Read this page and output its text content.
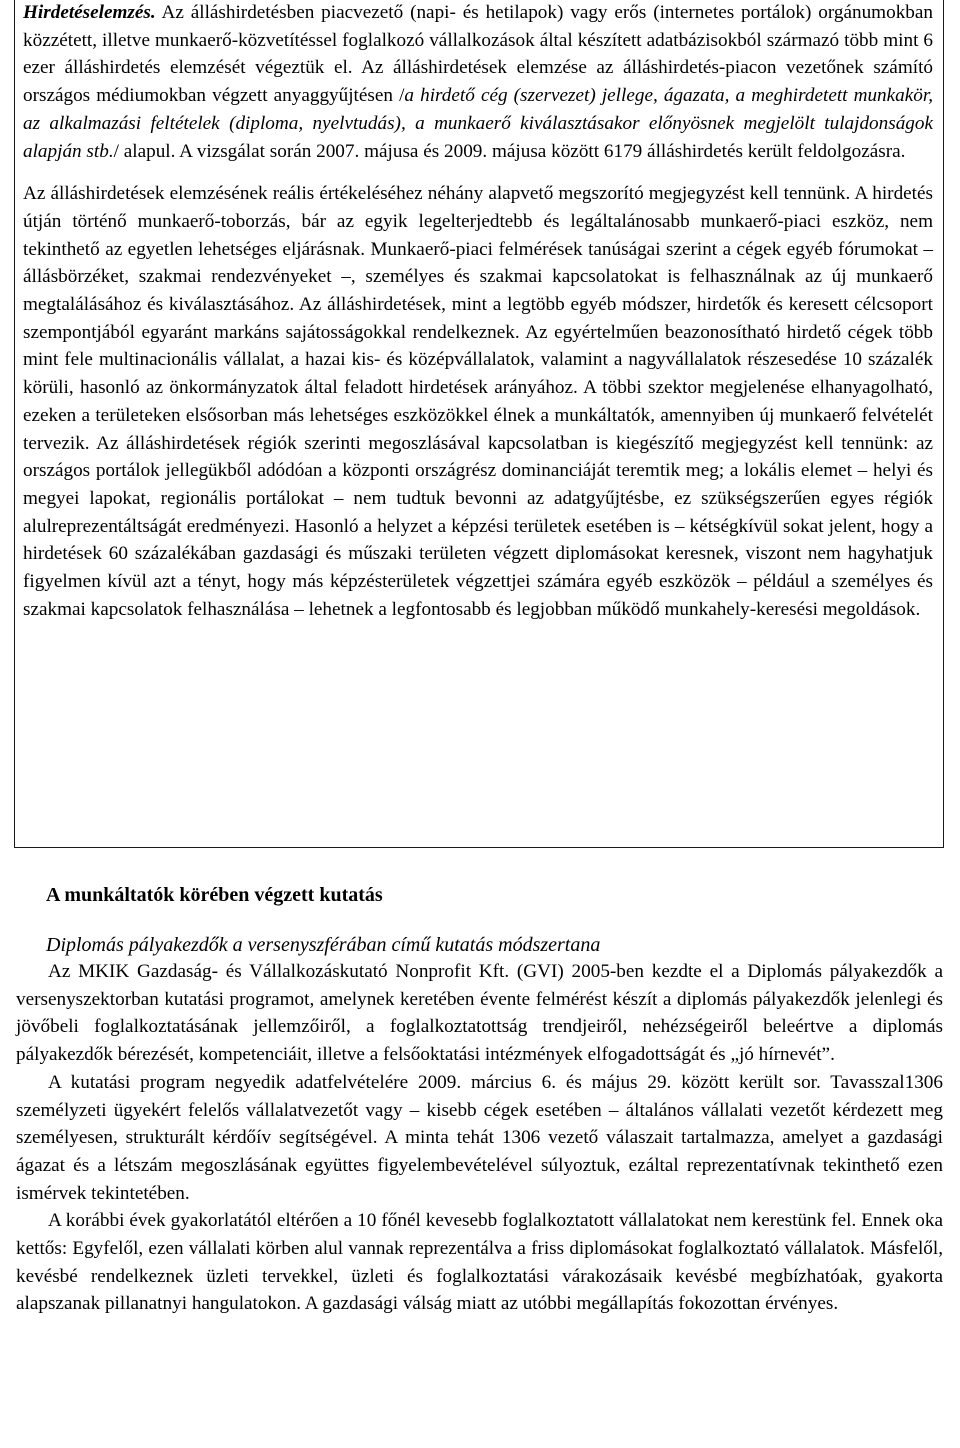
Hirdetéselemzés. Az álláshirdetésben piacvezető (napi- és hetilapok) vagy erős (internetes portálok) orgánumokban közzétett, illetve munkaerő-közvetítéssel foglalkozó vállalkozások által készített adatbázisokból származó több mint 6 ezer álláshirdetés elemzését végeztük el. Az álláshirdetések elemzése az álláshirdetés-piacon vezetőnek számító országos médiumokban végzett anyaggyűjtésen /a hirdető cég (szervezet) jellege, ágazata, a meghirdetett munkakör, az alkalmazási feltételek (diploma, nyelvtudás), a munkaerő kiválasztásakor előnyösnek megjelölt tulajdonságok alapján stb./ alapul. A vizsgálat során 2007. májusa és 2009. májusa között 6179 álláshirdetés került feldolgozásra.

Az álláshirdetések elemzésének reális értékeléséhez néhány alapvető megszorító megjegyzést kell tennünk. A hirdetés útján történő munkaerő-toborzás, bár az egyik legelterjedtebb és legáltalánosabb munkaerő-piaci eszköz, nem tekinthető az egyetlen lehetséges eljárásnak. Munkaerő-piaci felmérések tanúságai szerint a cégek egyéb fórumokat – állásbörzéket, szakmai rendezvényeket –, személyes és szakmai kapcsolatokat is felhasználnak az új munkaerő megtalálásához és kiválasztásához. Az álláshirdetések, mint a legtöbb egyéb módszer, hirdetők és keresett célcsoport szempontjából egyaránt markáns sajátosságokkal rendelkeznek. Az egyértelműen beazonosítható hirdető cégek több mint fele multinacionális vállalat, a hazai kis- és középvállalatok, valamint a nagyvállalatok részesedése 10 százalék körüli, hasonló az önkormányzatok által feladott hirdetések arányához. A többi szektor megjelenése elhanyagolható, ezeken a területeken elsősorban más lehetséges eszközökkel élnek a munkáltatók, amennyiben új munkaerő felvételét tervezik. Az álláshirdetések régiók szerinti megoszlásával kapcsolatban is kiegészítő megjegyzést kell tennünk: az országos portálok jellegükből adódóan a központi országrész dominanciáját teremtik meg; a lokális elemet – helyi és megyei lapokat, regionális portálokat – nem tudtuk bevonni az adatgyűjtésbe, ez szükségszerűen egyes régiók alulreprezentáltságát eredményezi. Hasonló a helyzet a képzési területek esetében is – kétségkívül sokat jelent, hogy a hirdetések 60 százalékában gazdasági és műszaki területen végzett diplomásokat keresnek, viszont nem hagyhatjuk figyelmen kívül azt a tényt, hogy más képzésterületek végzettjei számára egyéb eszközök – például a személyes és szakmai kapcsolatok felhasználása – lehetnek a legfontosabb és legjobban működő munkahely-keresési megoldások.

A munkáltatók körében végzett kutatás
Diplomás pályakezdők a versenyszférában című kutatás módszertana

Az MKIK Gazdaság- és Vállalkozáskutató Nonprofit Kft. (GVI) 2005-ben kezdte el a Diplomás pályakezdők a versenyszektorban kutatási programot, amelynek keretében évente felmérést készít a diplomás pályakezdők jelenlegi és jövőbeli foglalkoztatásának jellemzőiről, a foglalkoztatottság trendjeiről, nehézségeiről beleértve a diplomás pályakezdők bérezését, kompetenciáit, illetve a felsőoktatási intézmények elfogadottságát és „jó hírnevét”.

A kutatási program negyedik adatfelvételére 2009. március 6. és május 29. között került sor. Tavasszal1306 személyzeti ügyekért felelős vállalatvezetőt vagy – kisebb cégek esetében – általános vállalati vezetőt kérdezett meg személyesen, strukturált kérdőív segítségével. A minta tehát 1306 vezető válaszait tartalmazza, amelyet a gazdasági ágazat és a létszám megoszlásának együttes figyelembevételével súlyoztuk, ezáltal reprezentatívnak tekinthető ezen ismérvek tekintetében.

A korábbi évek gyakorlatától eltérően a 10 főnél kevesebb foglalkoztatott vállalatokat nem kerestünk fel. Ennek oka kettős: Egyfelől, ezen vállalati körben alul vannak reprezentálva a friss diplomásokat foglalkoztató vállalatok. Másfelől, kevésbé rendelkeznek üzleti tervekkel, üzleti és foglalkoztatási várakozásaik kevésbé megbízhatóak, gyakorta alapszanak pillanatnyi hangulatokon. A gazdasági válság miatt az utóbbi megállapítás fokozottan érvényes.
